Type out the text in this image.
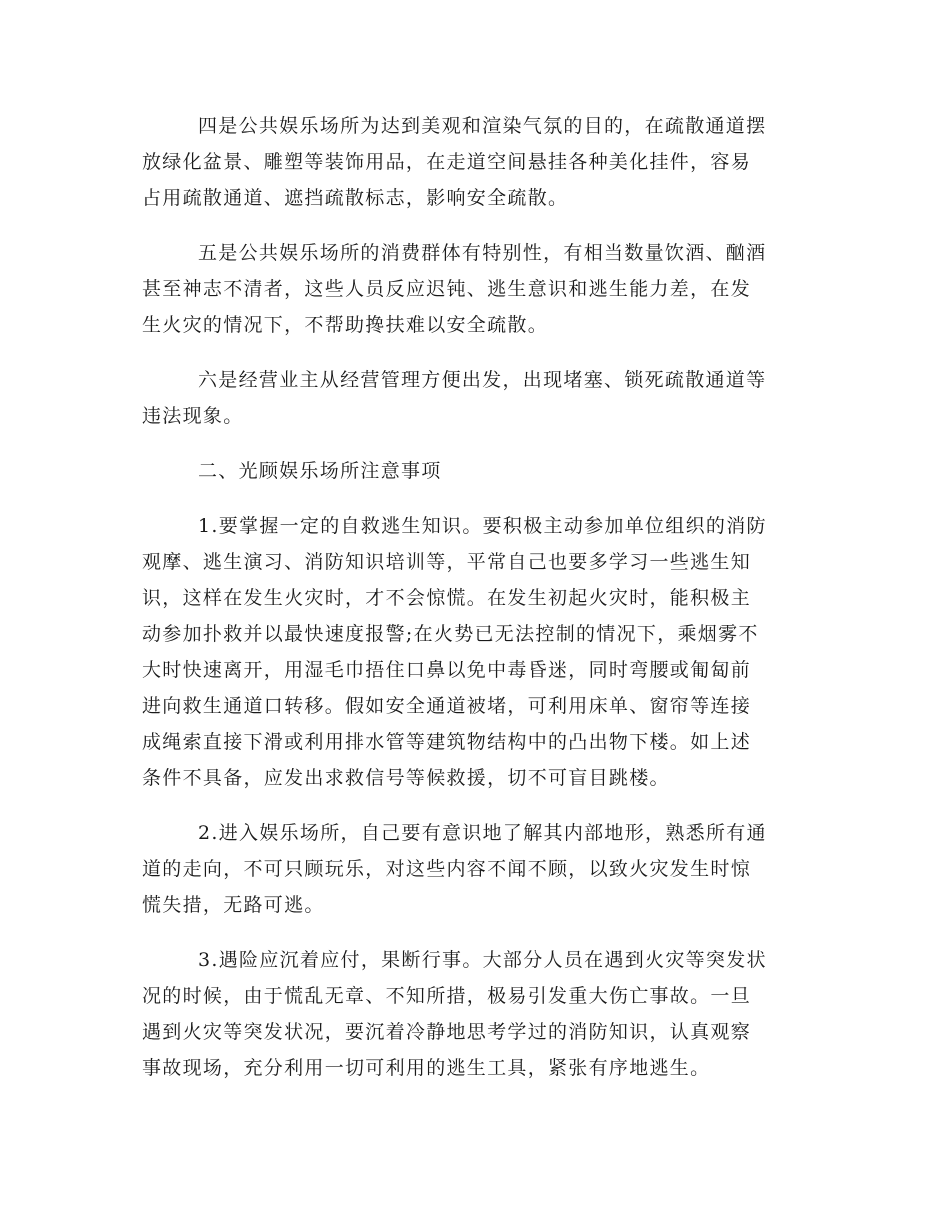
四是公共娱乐场所为达到美观和渲染气氛的目的，在疏散通道摆
放绿化盆景、雕塑等装饰用品，在走道空间悬挂各种美化挂件，容易
占用疏散通道、遮挡疏散标志，影响安全疏散。

五是公共娱乐场所的消费群体有特别性，有相当数量饮酒、酗酒
甚至神志不清者，这些人员反应迟钝、逃生意识和逃生能力差，在发
生火灾的情况下，不帮助搀扶难以安全疏散。

六是经营业主从经营管理方便出发，出现堵塞、锁死疏散通道等
违法现象。

二、光顾娱乐场所注意事项

1.要掌握一定的自救逃生知识。要积极主动参加单位组织的消防
观摩、逃生演习、消防知识培训等，平常自己也要多学习一些逃生知
识，这样在发生火灾时，才不会惊慌。在发生初起火灾时，能积极主
动参加扑救并以最快速度报警;在火势已无法控制的情况下，乘烟雾不
大时快速离开，用湿毛巾捂住口鼻以免中毒昏迷，同时弯腰或匍匐前
进向救生通道口转移。假如安全通道被堵，可利用床单、窗帘等连接
成绳索直接下滑或利用排水管等建筑物结构中的凸出物下楼。如上述
条件不具备，应发出求救信号等候救援，切不可盲目跳楼。

2.进入娱乐场所，自己要有意识地了解其内部地形，熟悉所有通
道的走向，不可只顾玩乐，对这些内容不闻不顾，以致火灾发生时惊
慌失措，无路可逃。

3.遇险应沉着应付，果断行事。大部分人员在遇到火灾等突发状
况的时候，由于慌乱无章、不知所措，极易引发重大伤亡事故。一旦
遇到火灾等突发状况，要沉着冷静地思考学过的消防知识，认真观察
事故现场，充分利用一切可利用的逃生工具，紧张有序地逃生。
